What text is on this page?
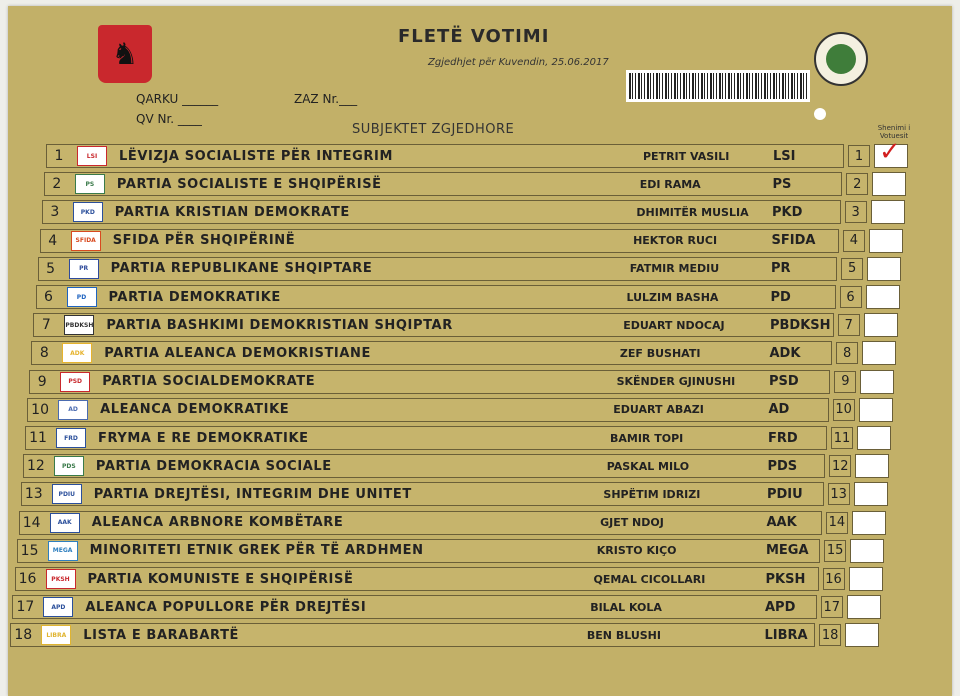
♞	FLETË VOTIMI
Zgjedhjet për Kuvendin, 25.06.2017
QARKU ______	ZAZ Nr.___
QV Nr. ____
SUBJEKTET ZGJEDHORE	Shenimi i Votuesit
1	LSI	LËVIZJA SOCIALISTE PËR INTEGRIM	PETRIT VASILI	LSI	1 ✓
2	PS	PARTIA SOCIALISTE E SHQIPËRISË	EDI RAMA	PS	2
3	PKD	PARTIA KRISTIAN DEMOKRATE	DHIMITËR MUSLIA PKD	3
4	SFIDA	SFIDA PËR SHQIPËRINË	HEKTOR RUCI	SFIDA	4
5	PR	PARTIA REPUBLIKANE SHQIPTARE	FATMIR MEDIU	PR	5
6	PD	PARTIA DEMOKRATIKE	LULZIM BASHA	PD	6
7	PBDKSH PARTIA BASHKIMI DEMOKRISTIAN SHQIPTAR	EDUART NDOCAJ	PBDKSH	7
8	ADK	PARTIA ALEANCA DEMOKRISTIANE	ZEF BUSHATI	ADK	8
9	PSD	PARTIA SOCIALDEMOKRATE	SKËNDER GJINUSHI	PSD	9
10	AD	ALEANCA DEMOKRATIKE	EDUART ABAZI	AD	10
11	FRD	FRYMA E RE DEMOKRATIKE	BAMIR TOPI	FRD	11
12	PDS	PARTIA DEMOKRACIA SOCIALE	PASKAL MILO	PDS	12
13	PDIU	PARTIA DREJTËSI, INTEGRIM DHE UNITET	SHPËTIM IDRIZI	PDIU 13
14	AAK	ALEANCA ARBNORE KOMBËTARE	GJET NDOJ	AAK 14
15	MEGA	MINORITETI ETNIK GREK PËR TË ARDHMEN	KRISTO KIÇO	MEGA 15
16	PKSH	PARTIA KOMUNISTE E SHQIPËRISË	QEMAL CICOLLARI	PKSH 16
17	APD	ALEANCA POPULLORE PËR DREJTËSI	BILAL KOLA	APD 17
18	LIBRA	LISTA E BARABARTË	BEN BLUSHI	LIBRA 18
